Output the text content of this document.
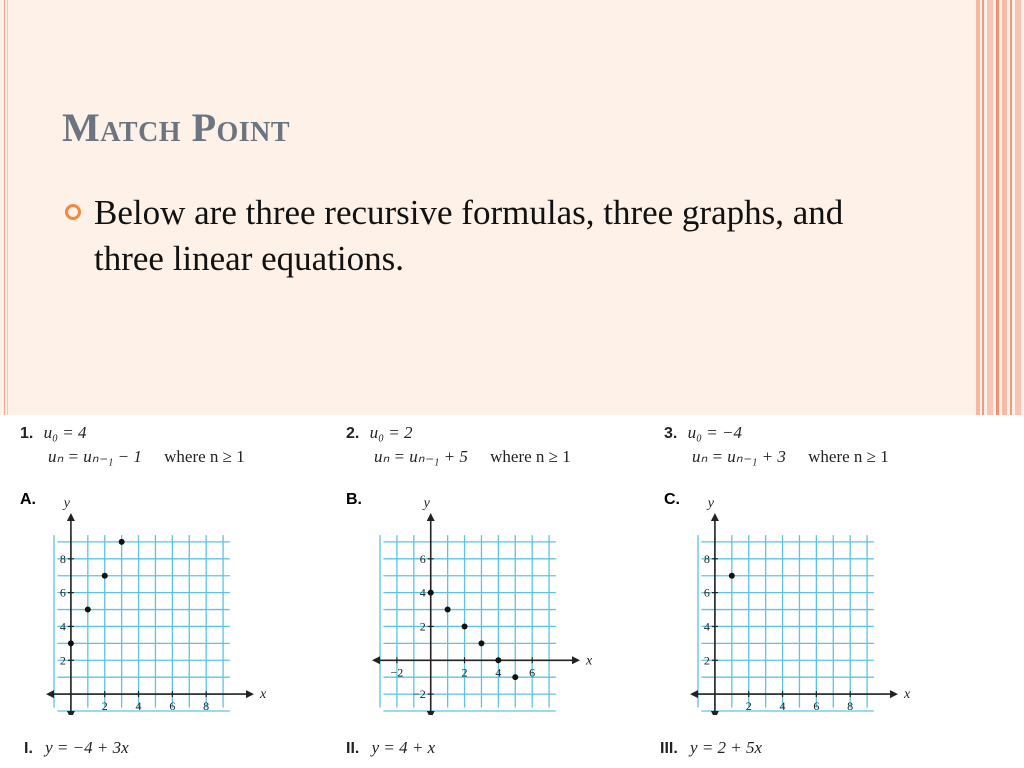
Match Point
Below are three recursive formulas, three graphs, and three linear equations.
1. u₀ = 4
uₙ = uₙ₋₁ − 1 where n ≥ 1
2. u₀ = 2
uₙ = uₙ₋₁ + 5 where n ≥ 1
3. u₀ = −4
uₙ = uₙ₋₁ + 3 where n ≥ 1
A.	B.	C.
x
y
2 4 6 8
2
4
6
8
x
y
−2	2 4 6
−2
2
4
6
x
y
2 4 6 8
2
4
6
8
I. y = −4 + 3x	II. y = 4 + x	III. y = 2 + 5x
